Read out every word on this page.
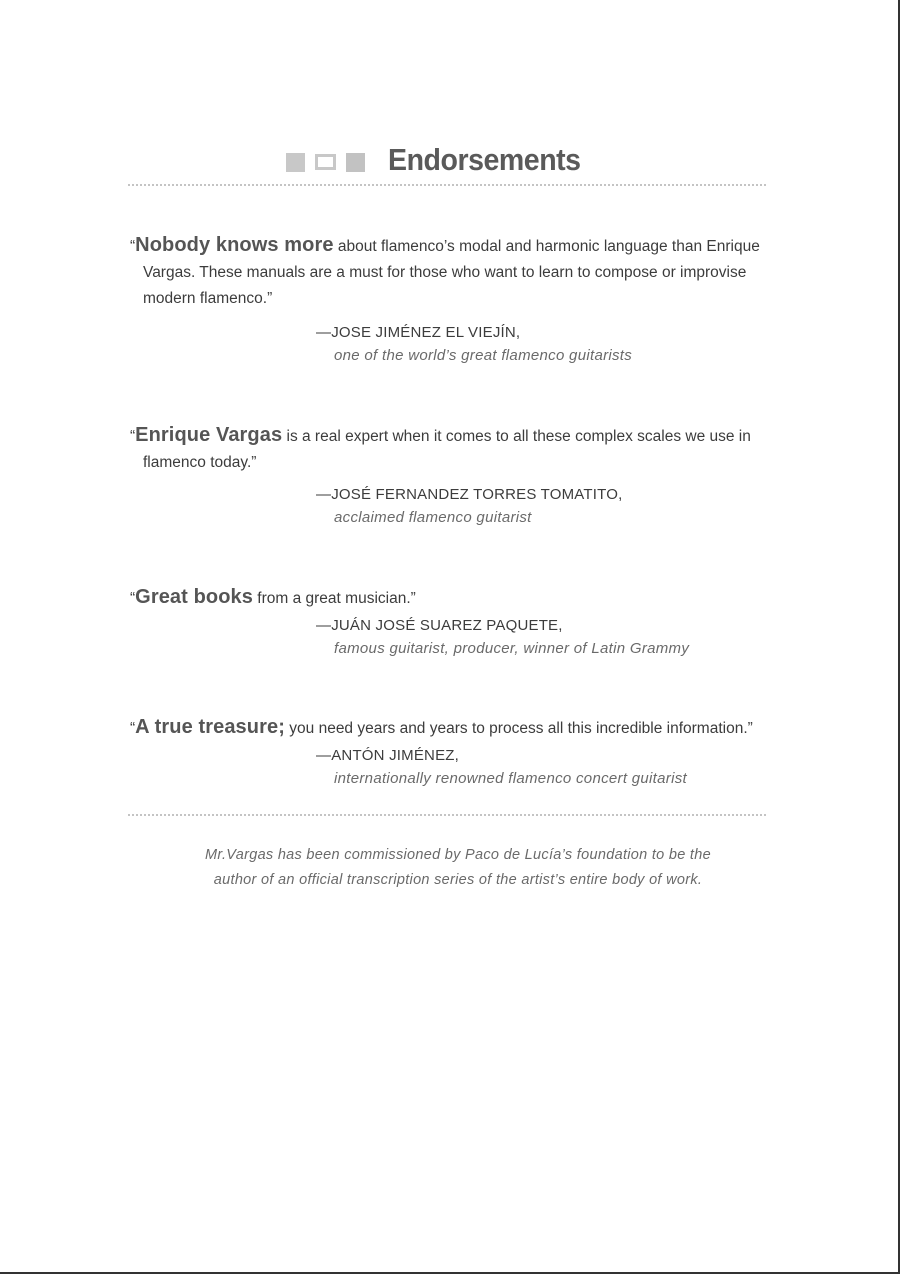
Endorsements
“Nobody knows more about flamenco’s modal and harmonic language than Enrique Vargas. These manuals are a must for those who want to learn to compose or improvise modern flamenco.”
—JOSE JIMÉNEZ EL VIEJÍN,
one of the world’s great flamenco guitarists
“Enrique Vargas is a real expert when it comes to all these complex scales we use in flamenco today.”
—JOSÉ FERNANDEZ TORRES TOMATITO,
acclaimed flamenco guitarist
“Great books from a great musician.”
—JUÁN JOSÉ SUAREZ PAQUETE,
famous guitarist, producer, winner of Latin Grammy
“A true treasure; you need years and years to process all this incredible information.”
—ANTÓN JIMÉNEZ,
internationally renowned flamenco concert guitarist
Mr.Vargas has been commissioned by Paco de Lucía’s foundation to be the
author of an official transcription series of the artist’s entire body of work.
